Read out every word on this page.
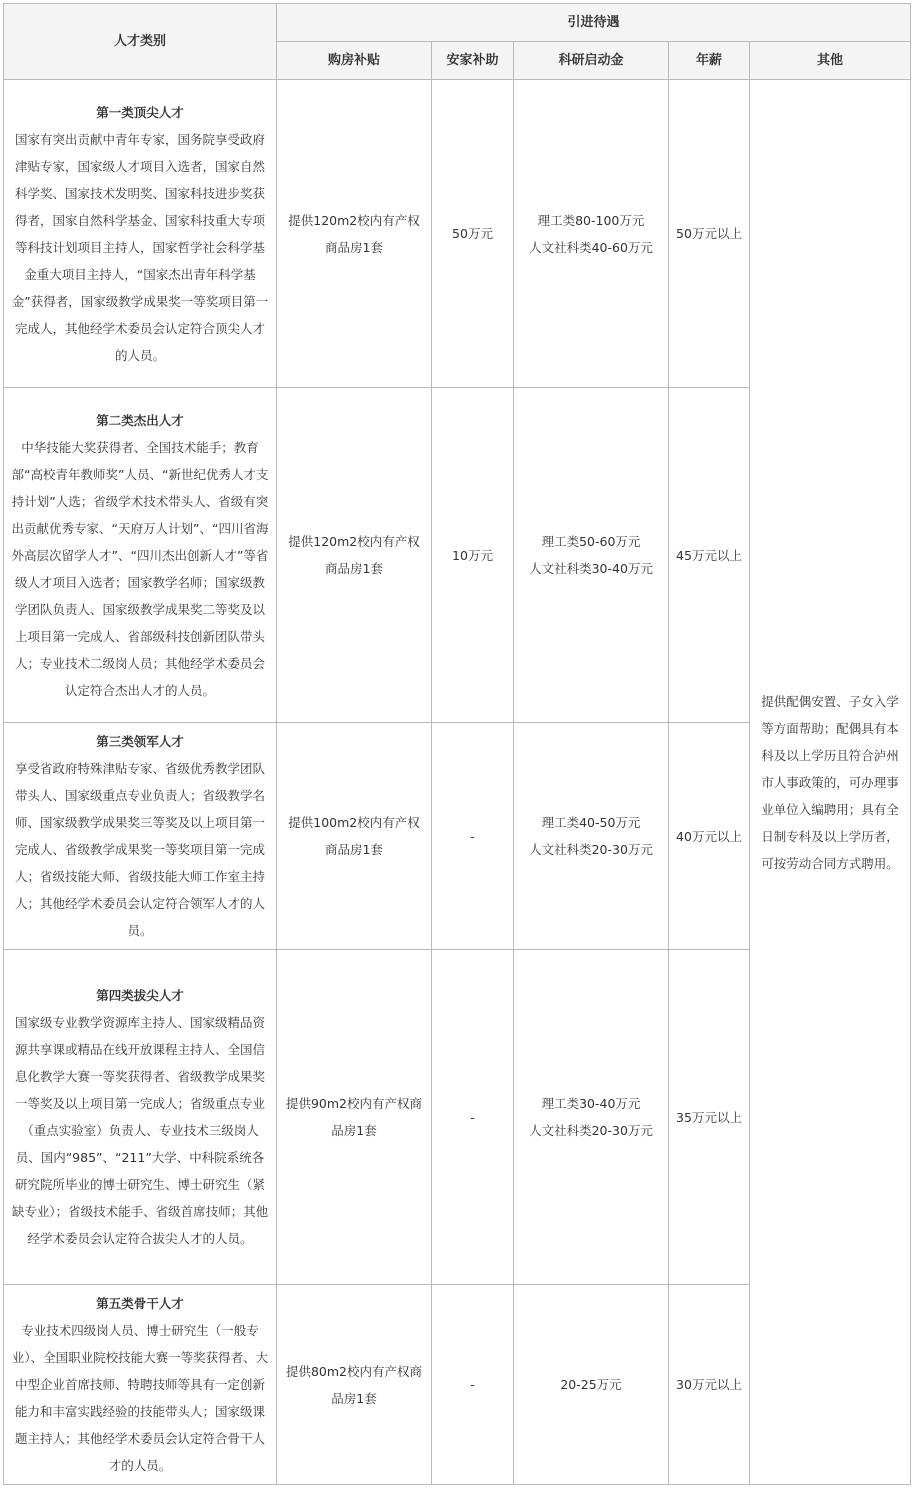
人才类别	引进待遇				
	购房补贴	安家补助	科研启动金	年薪	其他

第一类顶尖人才
国家有突出贡献中青年专家，国务院享受政府津贴专家，国家级人才项目入选者，国家自然科学奖、国家技术发明奖、国家科技进步奖获得者，国家自然科学基金、国家科技重大专项等科技计划项目主持人，国家哲学社会科学基金重大项目主持人，“国家杰出青年科学基金”获得者，国家级教学成果奖一等奖项目第一完成人，其他经学术委员会认定符合顶尖人才的人员。	提供120m2校内有产权商品房1套	50万元	理工类80-100万元
人文社科类40-60万元	50万元以上	提供配偶安置、子女入学等方面帮助；配偶具有本科及以上学历且符合泸州市人事政策的，可办理事业单位入编聘用；具有全日制专科及以上学历者，可按劳动合同方式聘用。

第二类杰出人才
中华技能大奖获得者、全国技术能手；教育部“高校青年教师奖”人员、“新世纪优秀人才支持计划”人选；省级学术技术带头人、省级有突出贡献优秀专家、“天府万人计划”、“四川省海外高层次留学人才”、“四川杰出创新人才”等省级人才项目入选者；国家教学名师；国家级教学团队负责人、国家级教学成果奖二等奖及以上项目第一完成人、省部级科技创新团队带头人；专业技术二级岗人员；其他经学术委员会认定符合杰出人才的人员。	提供120m2校内有产权商品房1套	10万元	理工类50-60万元
人文社科类30-40万元	45万元以上	

第三类领军人才
享受省政府特殊津贴专家、省级优秀教学团队带头人、国家级重点专业负责人；省级教学名师、国家级教学成果奖三等奖及以上项目第一完成人、省级教学成果奖一等奖项目第一完成人；省级技能大师、省级技能大师工作室主持人；其他经学术委员会认定符合领军人才的人员。	提供100m2校内有产权商品房1套	-	理工类40-50万元
人文社科类20-30万元	40万元以上	

第四类拔尖人才
国家级专业教学资源库主持人、国家级精品资源共享课或精品在线开放课程主持人、全国信息化教学大赛一等奖获得者、省级教学成果奖一等奖及以上项目第一完成人；省级重点专业（重点实验室）负责人、专业技术三级岗人员、国内“985”、“211”大学、中科院系统各研究院所毕业的博士研究生、博士研究生（紧缺专业）；省级技术能手、省级首席技师；其他经学术委员会认定符合拔尖人才的人员。	提供90m2校内有产权商品房1套	-	理工类30-40万元
人文社科类20-30万元	35万元以上	

第五类骨干人才
专业技术四级岗人员、博士研究生（一般专业）、全国职业院校技能大赛一等奖获得者、大中型企业首席技师、特聘技师等具有一定创新能力和丰富实践经验的技能带头人；国家级课题主持人；其他经学术委员会认定符合骨干人才的人员。	提供80m2校内有产权商品房1套	-	20-25万元	30万元以上	
